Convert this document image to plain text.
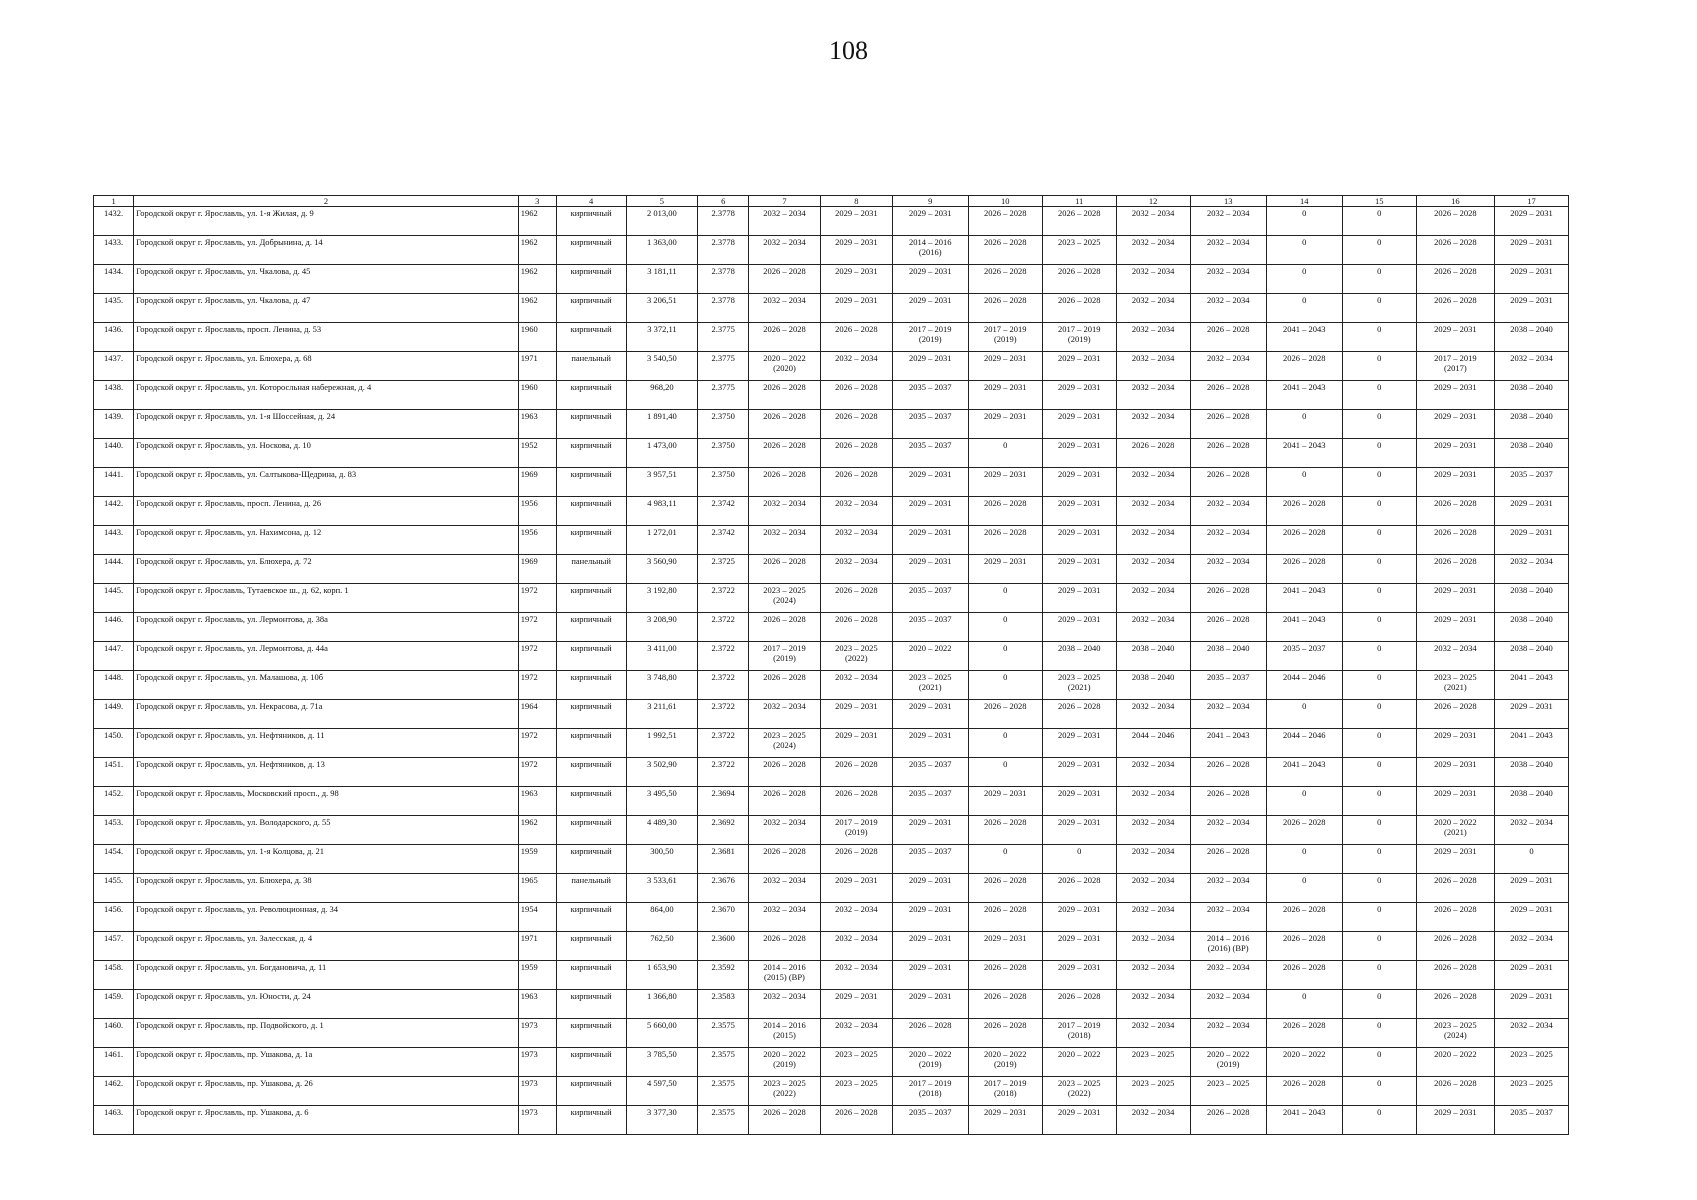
108
1	2	3	4	5	6	7	8	9	10	11	12	13	14	15	16	17

1432.	Городской округ г. Ярославль, ул. 1-я Жилая, д. 9	1962	кирпичный	2 013,00	2.3778	2032 – 2034	2029 – 2031	2029 – 2031	2026 – 2028	2026 – 2028	2032 – 2034	2032 – 2034	0	0	2026 – 2028	2029 – 2031

1433.	Городской округ г. Ярославль, ул. Добрынина, д. 14	1962	кирпичный	1 363,00	2.3778	2032 – 2034	2029 – 2031	2014 – 2016
(2016)	2026 – 2028	2023 – 2025	2032 – 2034	2032 – 2034	0	0	2026 – 2028	2029 – 2031

1434.	Городской округ г. Ярославль, ул. Чкалова, д. 45	1962	кирпичный	3 181,11	2.3778	2026 – 2028	2029 – 2031	2029 – 2031	2026 – 2028	2026 – 2028	2032 – 2034	2032 – 2034	0	0	2026 – 2028	2029 – 2031

1435.	Городской округ г. Ярославль, ул. Чкалова, д. 47	1962	кирпичный	3 206,51	2.3778	2032 – 2034	2029 – 2031	2029 – 2031	2026 – 2028	2026 – 2028	2032 – 2034	2032 – 2034	0	0	2026 – 2028	2029 – 2031

1436.	Городской округ г. Ярославль, просп. Ленина, д. 53	1960	кирпичный	3 372,11	2.3775	2026 – 2028	2026 – 2028	2017 – 2019
(2019)	2017 – 2019
(2019)	2017 – 2019
(2019)	2032 – 2034	2026 – 2028	2041 – 2043	0	2029 – 2031	2038 – 2040

1437.	Городской округ г. Ярославль, ул. Блюхера, д. 68	1971	панельный	3 540,50	2.3775	2020 – 2022
(2020)	2032 – 2034	2029 – 2031	2029 – 2031	2029 – 2031	2032 – 2034	2032 – 2034	2026 – 2028	0	2017 – 2019
(2017)	2032 – 2034

1438.	Городской округ г. Ярославль, ул. Которосльная набережная, д. 4	1960	кирпичный	968,20	2.3775	2026 – 2028	2026 – 2028	2035 – 2037	2029 – 2031	2029 – 2031	2032 – 2034	2026 – 2028	2041 – 2043	0	2029 – 2031	2038 – 2040

1439.	Городской округ г. Ярославль, ул. 1-я Шоссейная, д. 24	1963	кирпичный	1 891,40	2.3750	2026 – 2028	2026 – 2028	2035 – 2037	2029 – 2031	2029 – 2031	2032 – 2034	2026 – 2028	0	0	2029 – 2031	2038 – 2040

1440.	Городской округ г. Ярославль, ул. Носкова, д. 10	1952	кирпичный	1 473,00	2.3750	2026 – 2028	2026 – 2028	2035 – 2037	0	2029 – 2031	2026 – 2028	2026 – 2028	2041 – 2043	0	2029 – 2031	2038 – 2040

1441.	Городской округ г. Ярославль, ул. Салтыкова-Щедрина, д. 83	1969	кирпичный	3 957,51	2.3750	2026 – 2028	2026 – 2028	2029 – 2031	2029 – 2031	2029 – 2031	2032 – 2034	2026 – 2028	0	0	2029 – 2031	2035 – 2037

1442.	Городской округ г. Ярославль, просп. Ленина, д. 26	1956	кирпичный	4 983,11	2.3742	2032 – 2034	2032 – 2034	2029 – 2031	2026 – 2028	2029 – 2031	2032 – 2034	2032 – 2034	2026 – 2028	0	2026 – 2028	2029 – 2031

1443.	Городской округ г. Ярославль, ул. Нахимсона, д. 12	1956	кирпичный	1 272,01	2.3742	2032 – 2034	2032 – 2034	2029 – 2031	2026 – 2028	2029 – 2031	2032 – 2034	2032 – 2034	2026 – 2028	0	2026 – 2028	2029 – 2031

1444.	Городской округ г. Ярославль, ул. Блюхера, д. 72	1969	панельный	3 560,90	2.3725	2026 – 2028	2032 – 2034	2029 – 2031	2029 – 2031	2029 – 2031	2032 – 2034	2032 – 2034	2026 – 2028	0	2026 – 2028	2032 – 2034

1445.	Городской округ г. Ярославль, Тутаевское ш., д. 62, корп. 1	1972	кирпичный	3 192,80	2.3722	2023 – 2025
(2024)	2026 – 2028	2035 – 2037	0	2029 – 2031	2032 – 2034	2026 – 2028	2041 – 2043	0	2029 – 2031	2038 – 2040

1446.	Городской округ г. Ярославль, ул. Лермонтова, д. 38а	1972	кирпичный	3 208,90	2.3722	2026 – 2028	2026 – 2028	2035 – 2037	0	2029 – 2031	2032 – 2034	2026 – 2028	2041 – 2043	0	2029 – 2031	2038 – 2040

1447.	Городской округ г. Ярославль, ул. Лермонтова, д. 44а	1972	кирпичный	3 411,00	2.3722	2017 – 2019
(2019)	2023 – 2025
(2022)	2020 – 2022	0	2038 – 2040	2038 – 2040	2038 – 2040	2035 – 2037	0	2032 – 2034	2038 – 2040

1448.	Городской округ г. Ярославль, ул. Малашова, д. 10б	1972	кирпичный	3 748,80	2.3722	2026 – 2028	2032 – 2034	2023 – 2025
(2021)	0	2023 – 2025
(2021)	2038 – 2040	2035 – 2037	2044 – 2046	0	2023 – 2025
(2021)	2041 – 2043

1449.	Городской округ г. Ярославль, ул. Некрасова, д. 71а	1964	кирпичный	3 211,61	2.3722	2032 – 2034	2029 – 2031	2029 – 2031	2026 – 2028	2026 – 2028	2032 – 2034	2032 – 2034	0	0	2026 – 2028	2029 – 2031

1450.	Городской округ г. Ярославль, ул. Нефтяников, д. 11	1972	кирпичный	1 992,51	2.3722	2023 – 2025
(2024)	2029 – 2031	2029 – 2031	0	2029 – 2031	2044 – 2046	2041 – 2043	2044 – 2046	0	2029 – 2031	2041 – 2043

1451.	Городской округ г. Ярославль, ул. Нефтяников, д. 13	1972	кирпичный	3 502,90	2.3722	2026 – 2028	2026 – 2028	2035 – 2037	0	2029 – 2031	2032 – 2034	2026 – 2028	2041 – 2043	0	2029 – 2031	2038 – 2040

1452.	Городской округ г. Ярославль, Московский просп., д. 98	1963	кирпичный	3 495,50	2.3694	2026 – 2028	2026 – 2028	2035 – 2037	2029 – 2031	2029 – 2031	2032 – 2034	2026 – 2028	0	0	2029 – 2031	2038 – 2040

1453.	Городской округ г. Ярославль, ул. Володарского, д. 55	1962	кирпичный	4 489,30	2.3692	2032 – 2034	2017 – 2019
(2019)	2029 – 2031	2026 – 2028	2029 – 2031	2032 – 2034	2032 – 2034	2026 – 2028	0	2020 – 2022
(2021)	2032 – 2034

1454.	Городской округ г. Ярославль, ул. 1-я Колцова, д. 21	1959	кирпичный	300,50	2.3681	2026 – 2028	2026 – 2028	2035 – 2037	0	0	2032 – 2034	2026 – 2028	0	0	2029 – 2031	0

1455.	Городской округ г. Ярославль, ул. Блюхера, д. 38	1965	панельный	3 533,61	2.3676	2032 – 2034	2029 – 2031	2029 – 2031	2026 – 2028	2026 – 2028	2032 – 2034	2032 – 2034	0	0	2026 – 2028	2029 – 2031

1456.	Городской округ г. Ярославль, ул. Революционная, д. 34	1954	кирпичный	864,00	2.3670	2032 – 2034	2032 – 2034	2029 – 2031	2026 – 2028	2029 – 2031	2032 – 2034	2032 – 2034	2026 – 2028	0	2026 – 2028	2029 – 2031

1457.	Городской округ г. Ярославль, ул. Залесская, д. 4	1971	кирпичный	762,50	2.3600	2026 – 2028	2032 – 2034	2029 – 2031	2029 – 2031	2029 – 2031	2032 – 2034	2014 – 2016
(2016) (ВР)	2026 – 2028	0	2026 – 2028	2032 – 2034

1458.	Городской округ г. Ярославль, ул. Богдановича, д. 11	1959	кирпичный	1 653,90	2.3592	2014 – 2016
(2015) (ВР)	2032 – 2034	2029 – 2031	2026 – 2028	2029 – 2031	2032 – 2034	2032 – 2034	2026 – 2028	0	2026 – 2028	2029 – 2031

1459.	Городской округ г. Ярославль, ул. Юности, д. 24	1963	кирпичный	1 366,80	2.3583	2032 – 2034	2029 – 2031	2029 – 2031	2026 – 2028	2026 – 2028	2032 – 2034	2032 – 2034	0	0	2026 – 2028	2029 – 2031

1460.	Городской округ г. Ярославль, пр. Подвойского, д. 1	1973	кирпичный	5 660,00	2.3575	2014 – 2016
(2015)	2032 – 2034	2026 – 2028	2026 – 2028	2017 – 2019
(2018)	2032 – 2034	2032 – 2034	2026 – 2028	0	2023 – 2025
(2024)	2032 – 2034

1461.	Городской округ г. Ярославль, пр. Ушакова, д. 1а	1973	кирпичный	3 785,50	2.3575	2020 – 2022
(2019)	2023 – 2025	2020 – 2022
(2019)	2020 – 2022
(2019)	2020 – 2022	2023 – 2025	2020 – 2022
(2019)	2020 – 2022	0	2020 – 2022	2023 – 2025

1462.	Городской округ г. Ярославль, пр. Ушакова, д. 26	1973	кирпичный	4 597,50	2.3575	2023 – 2025
(2022)	2023 – 2025	2017 – 2019
(2018)	2017 – 2019
(2018)	2023 – 2025
(2022)	2023 – 2025	2023 – 2025	2026 – 2028	0	2026 – 2028	2023 – 2025

1463.	Городской округ г. Ярославль, пр. Ушакова, д. 6	1973	кирпичный	3 377,30	2.3575	2026 – 2028	2026 – 2028	2035 – 2037	2029 – 2031	2029 – 2031	2032 – 2034	2026 – 2028	2041 – 2043	0	2029 – 2031	2035 – 2037
